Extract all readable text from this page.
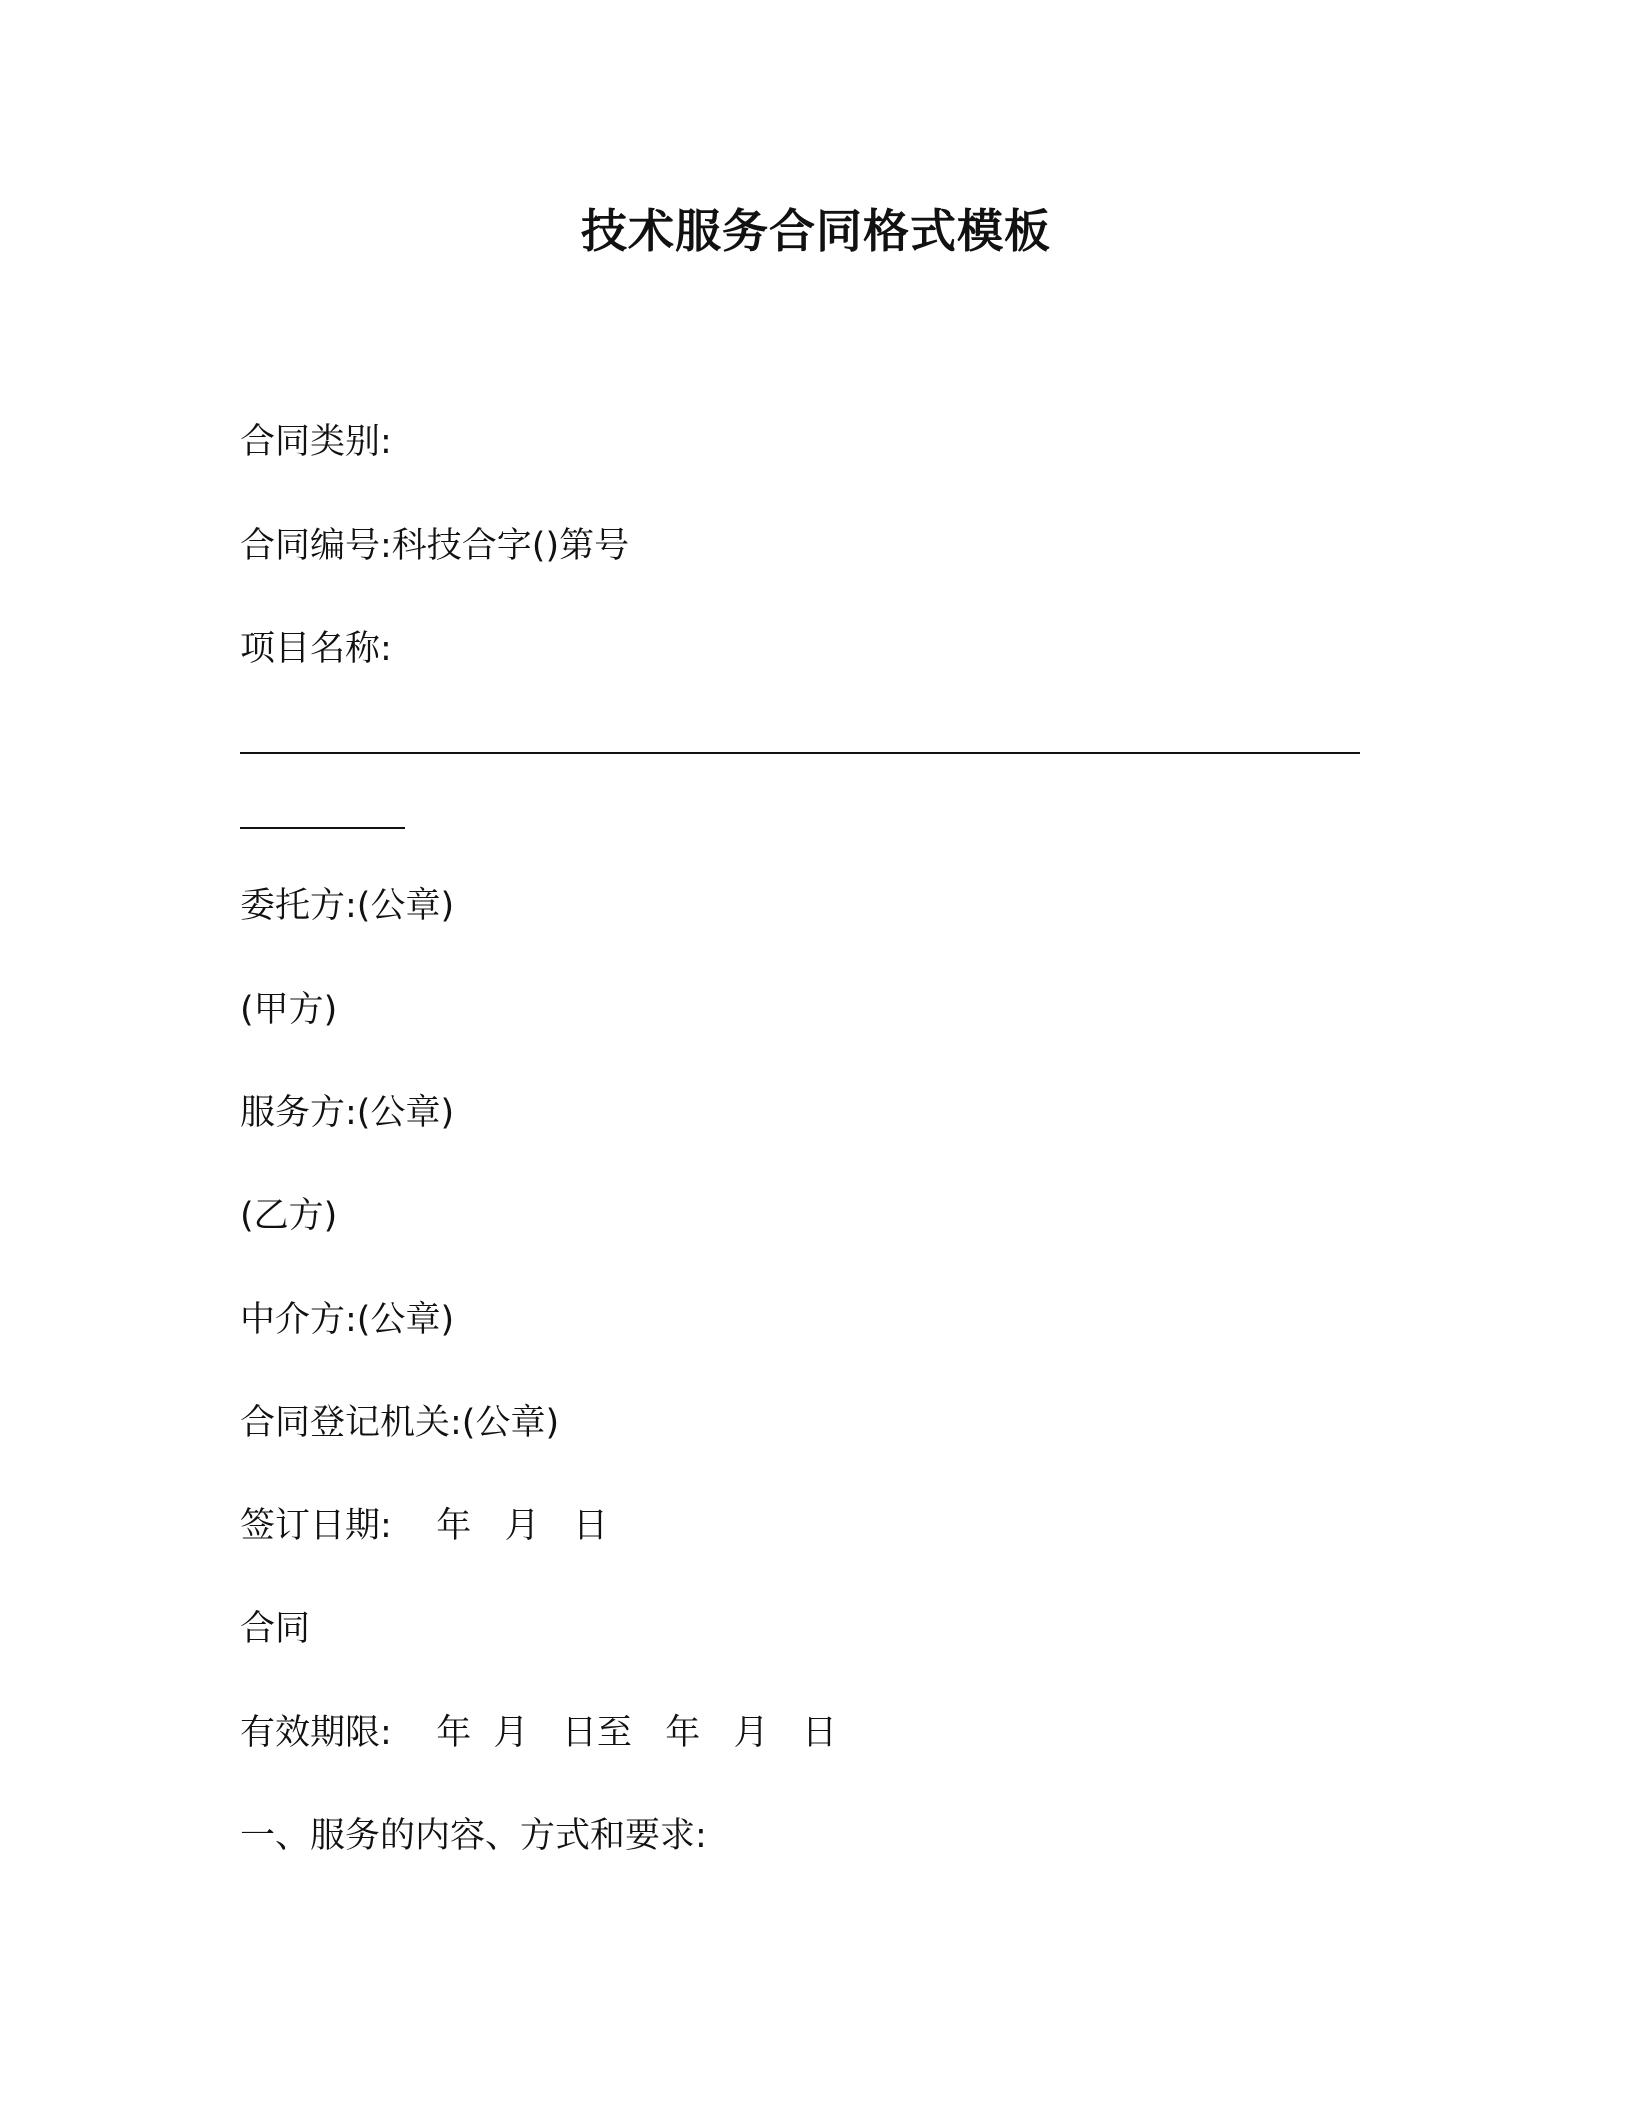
技术服务合同格式模板
合同类别:
合同编号:科技合字()第号
项目名称:
委托方:(公章)
(甲方)
服务方:(公章)
(乙方)
中介方:(公章)
合同登记机关:(公章)
签订日期:    年   月   日
合同
有效期限:    年  月   日至   年   月   日
一、服务的内容、方式和要求:
